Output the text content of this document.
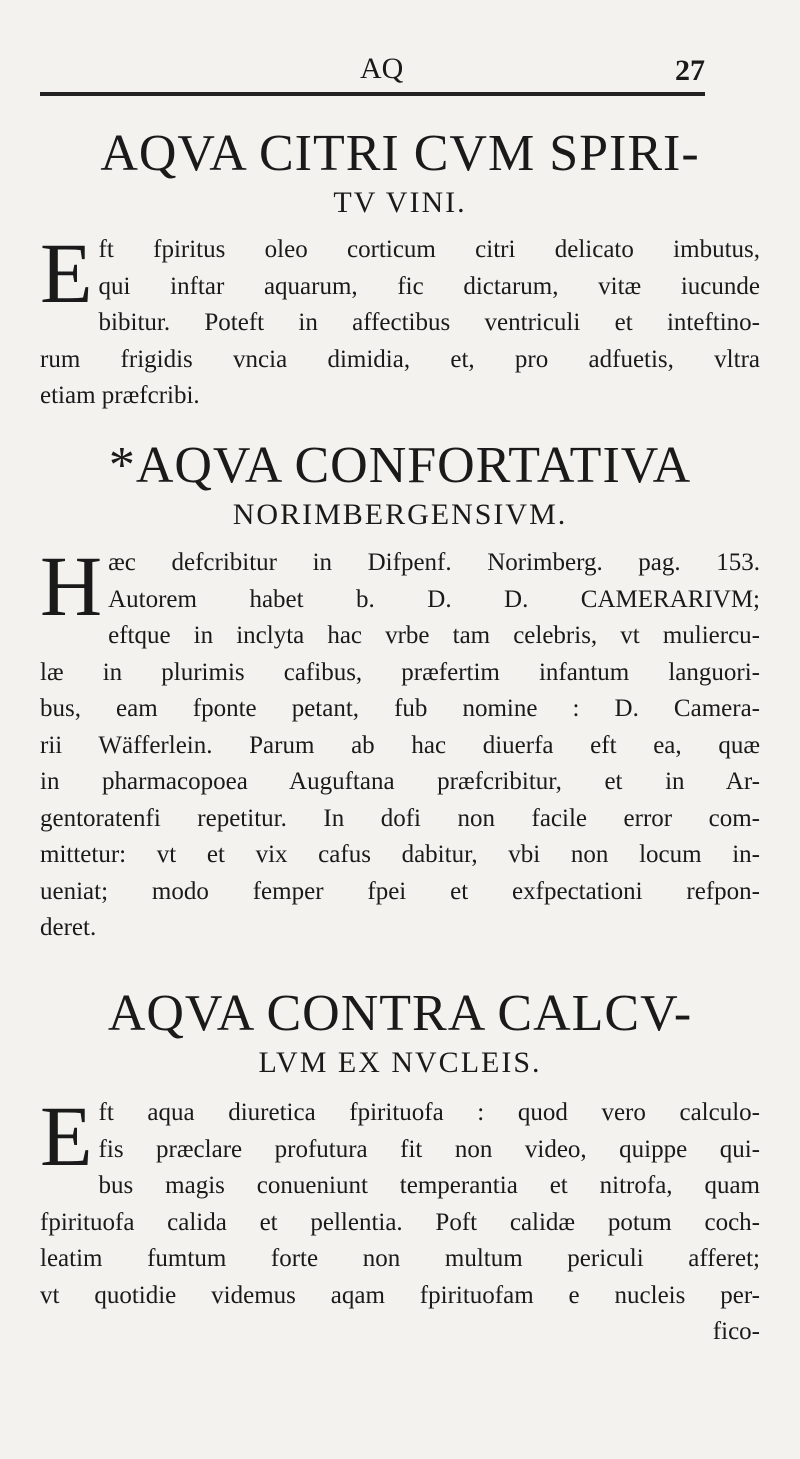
AQ	27
AQVA CITRI CVM SPIRI-
TV VINI.
E ft fpiritus oleo corticum citri delicato imbutus,
qui inftar aquarum, fic dictarum, vitæ iucunde
bibitur. Poteft in affectibus ventriculi et inteftino-
rum frigidis vncia dimidia, et, pro adfuetis, vltra
etiam præfcribi.
*AQVA CONFORTATIVA
NORIMBERGENSIVM.
H æc defcribitur in Difpenf. Norimberg. pag. 153.
Autorem habet b. D. D. CAMERARIVM;
eftque in inclyta hac vrbe tam celebris, vt muliercu-
læ in plurimis cafibus, præfertim infantum languori-
bus, eam fponte petant, fub nomine : D. Camera-
rii Wäfferlein. Parum ab hac diuerfa eft ea, quæ
in pharmacopoea Auguftana præfcribitur, et in Ar-
gentoratenfi repetitur. In dofi non facile error com-
mittetur: vt et vix cafus dabitur, vbi non locum in-
ueniat; modo femper fpei et exfpectationi refpon-
deret.
AQVA CONTRA CALCV-
LVM EX NVCLEIS.
E ft aqua diuretica fpirituofa : quod vero calculo-
fis præclare profutura fit non video, quippe qui-
bus magis conueniunt temperantia et nitrofa, quam
fpirituofa calida et pellentia. Poft calidæ potum coch-
leatim fumtum forte non multum periculi afferet;
vt quotidie videmus aqam fpirituofam e nucleis per-
fico-
